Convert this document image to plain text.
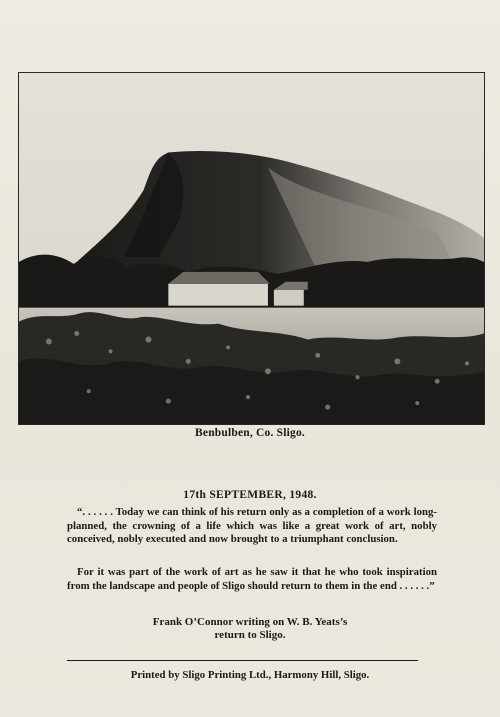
Benbulben, Co. Sligo.
17th SEPTEMBER, 1948.
“. . . . . . Today we can think of his return only as a completion of a work long-planned, the crowning of a life which was like a great work of art, nobly conceived, nobly executed and now brought to a triumphant conclusion.
For it was part of the work of art as he saw it that he who took inspiration from the landscape and people of Sligo should return to them in the end . . . . . .”
Frank O’Connor writing on W. B. Yeats’s
return to Sligo.
Printed by Sligo Printing Ltd., Harmony Hill, Sligo.
